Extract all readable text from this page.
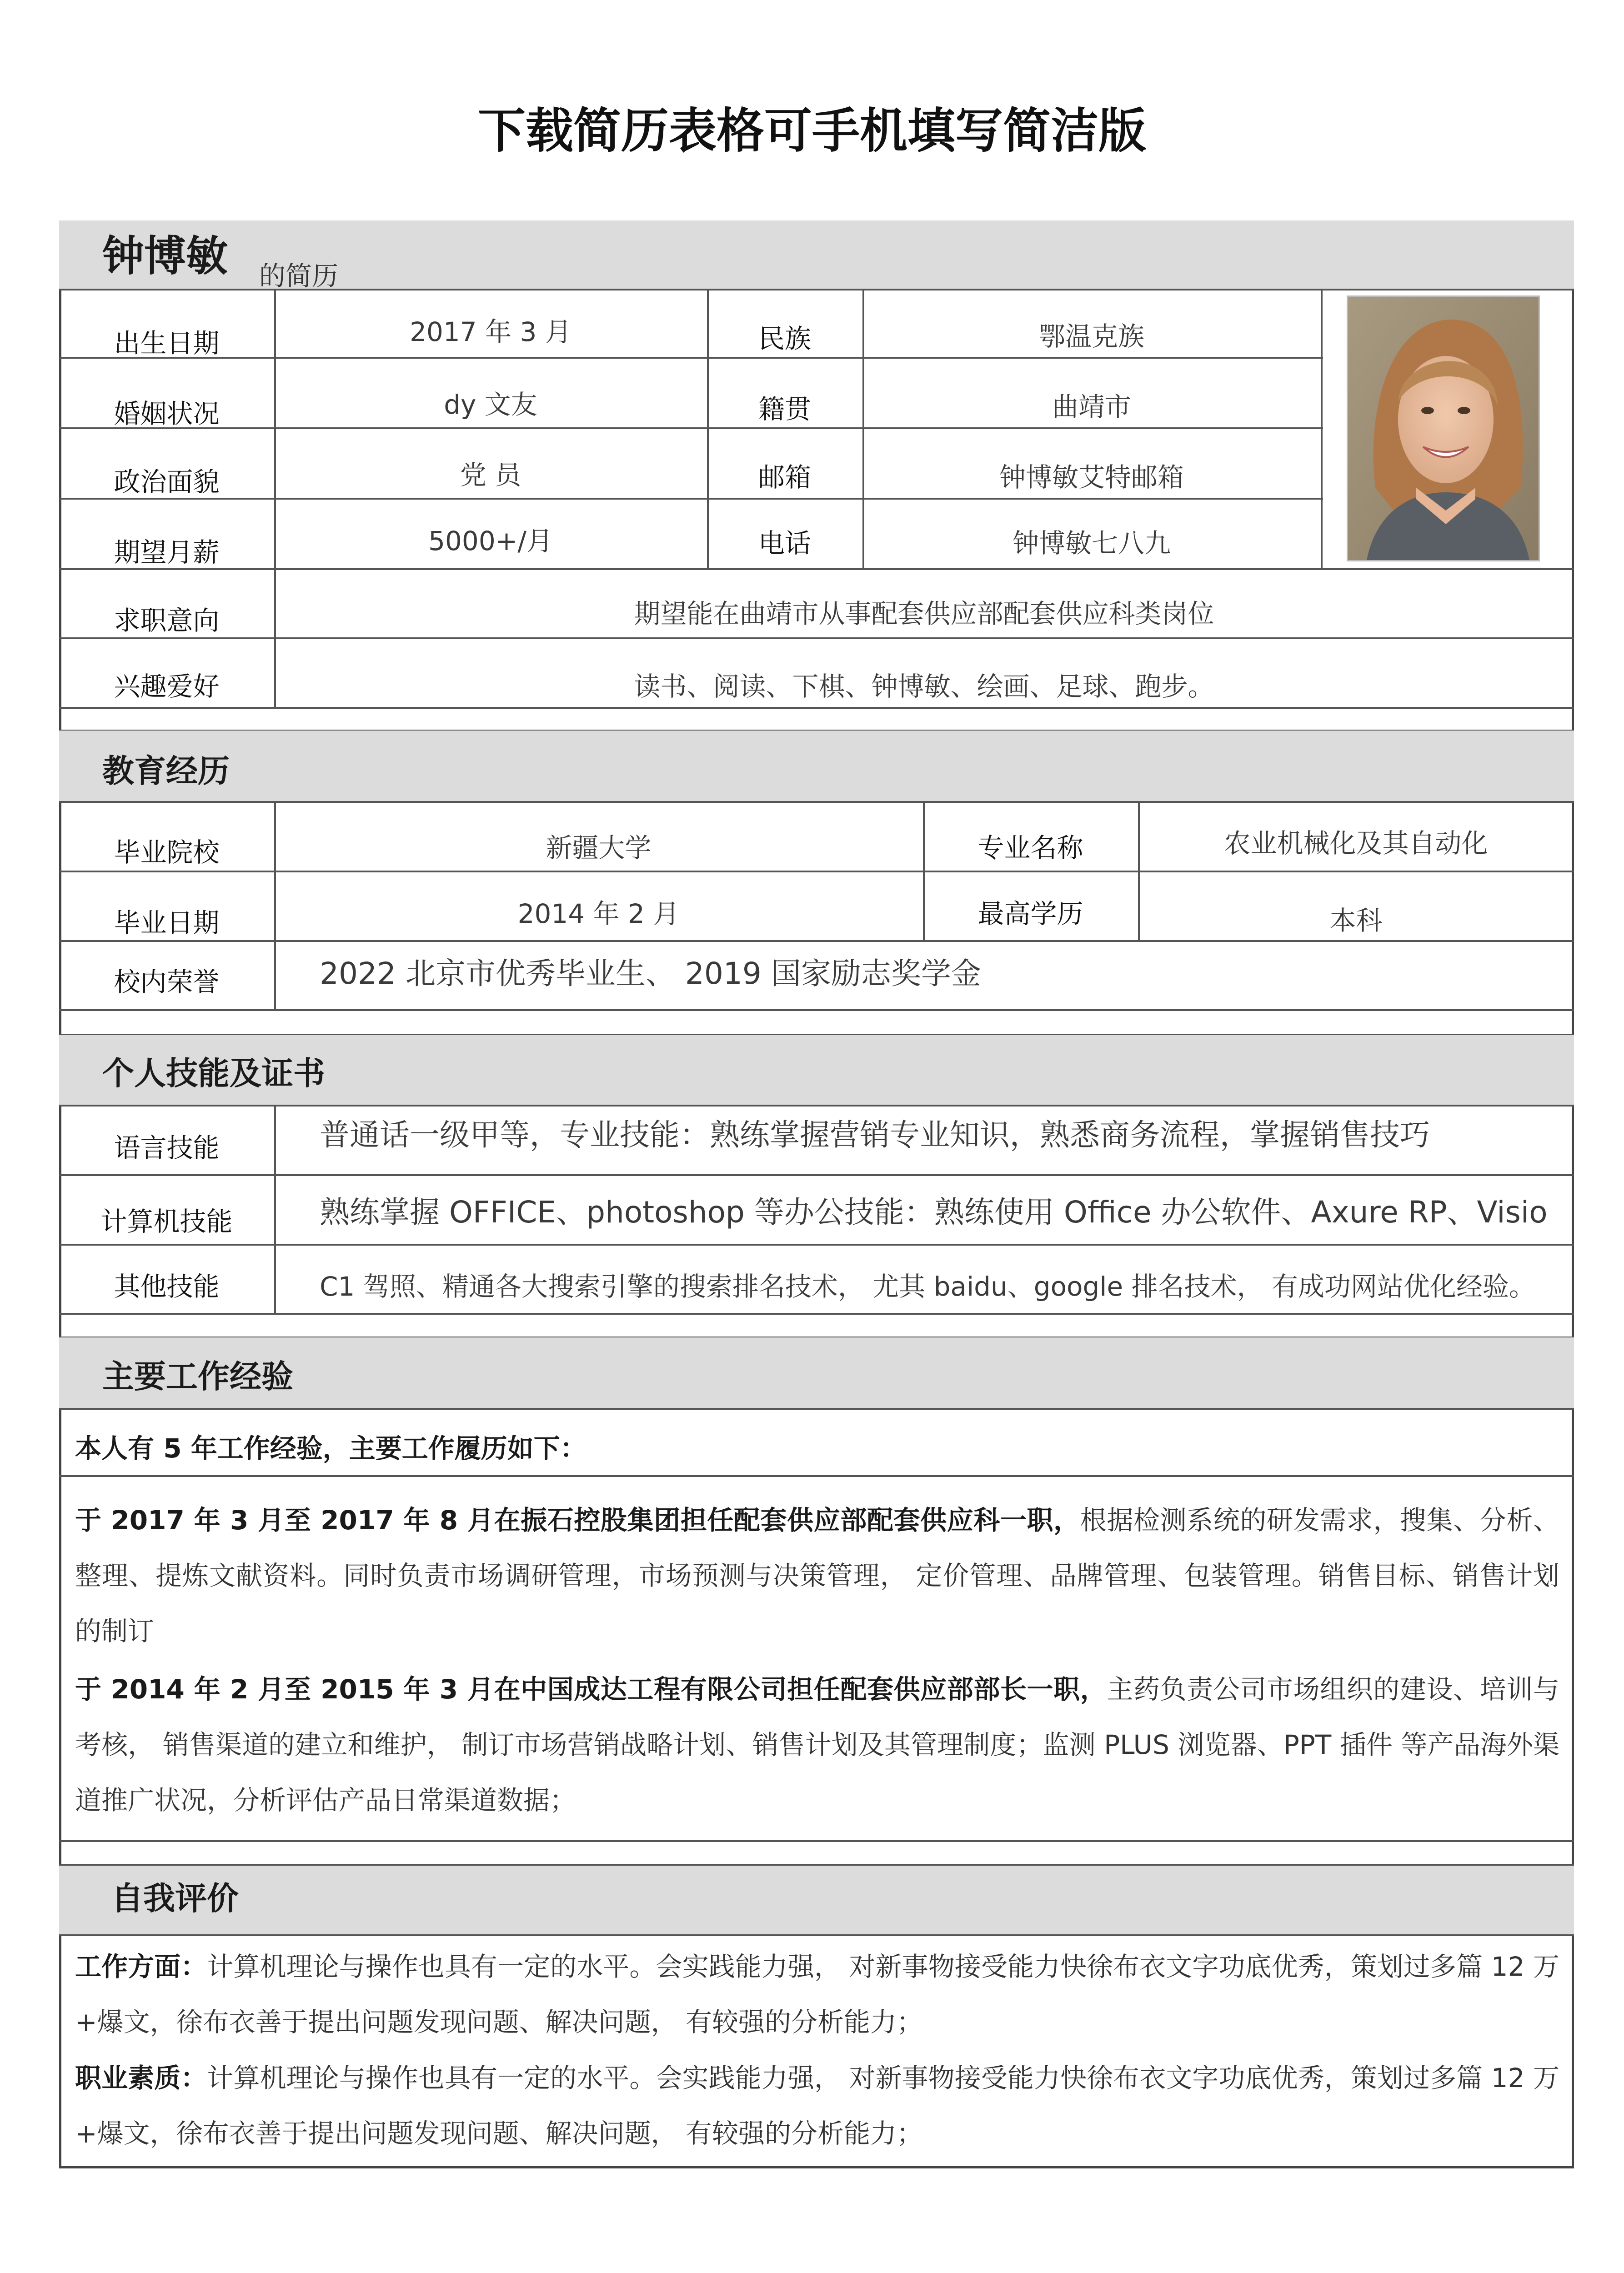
下载简历表格可手机填写简洁版
钟博敏 的简历
出生日期	2017 年 3 月	民族	鄂温克族
婚姻状况	dy 文友	籍贯	曲靖市
政治面貌	党 员	邮箱	钟博敏艾特邮箱
期望月薪	5000+/月	电话	钟博敏七八九
求职意向	期望能在曲靖市从事配套供应部配套供应科类岗位
兴趣爱好	读书、阅读、下棋、钟博敏、绘画、足球、跑步。
教育经历
毕业院校	新疆大学	专业名称	农业机械化及其自动化
毕业日期	2014 年 2 月	最高学历	本科
校内荣誉	2022 北京市优秀毕业生、 2019 国家励志奖学金
个人技能及证书
语言技能	普通话一级甲等，专业技能：熟练掌握营销专业知识，熟悉商务流程，掌握销售技巧
计算机技能	熟练掌握 OFFICE、photoshop 等办公技能：熟练使用 Office 办公软件、Axure RP、Visio
其他技能	C1 驾照、精通各大搜索引擎的搜索排名技术， 尤其 baidu、google 排名技术， 有成功网站优化经验。
主要工作经验
本人有 5 年工作经验，主要工作履历如下：
于 2017 年 3 月至 2017 年 8 月在振石控股集团担任配套供应部配套供应科一职，根据检测系统的研发需求，搜集、分析、整理、提炼文献资料。同时负责市场调研管理，市场预测与决策管理， 定价管理、品牌管理、包装管理。销售目标、销售计划的制订
于 2014 年 2 月至 2015 年 3 月在中国成达工程有限公司担任配套供应部部长一职，主药负责公司市场组织的建设、培训与考核， 销售渠道的建立和维护， 制订市场营销战略计划、销售计划及其管理制度；监测 PLUS 浏览器、PPT 插件 等产品海外渠道推广状况，分析评估产品日常渠道数据；
自我评价
工作方面：计算机理论与操作也具有一定的水平。会实践能力强， 对新事物接受能力快徐布衣文字功底优秀，策划过多篇 12 万+爆文，徐布衣善于提出问题发现问题、解决问题， 有较强的分析能力；
职业素质：计算机理论与操作也具有一定的水平。会实践能力强， 对新事物接受能力快徐布衣文字功底优秀，策划过多篇 12 万+爆文，徐布衣善于提出问题发现问题、解决问题， 有较强的分析能力；
